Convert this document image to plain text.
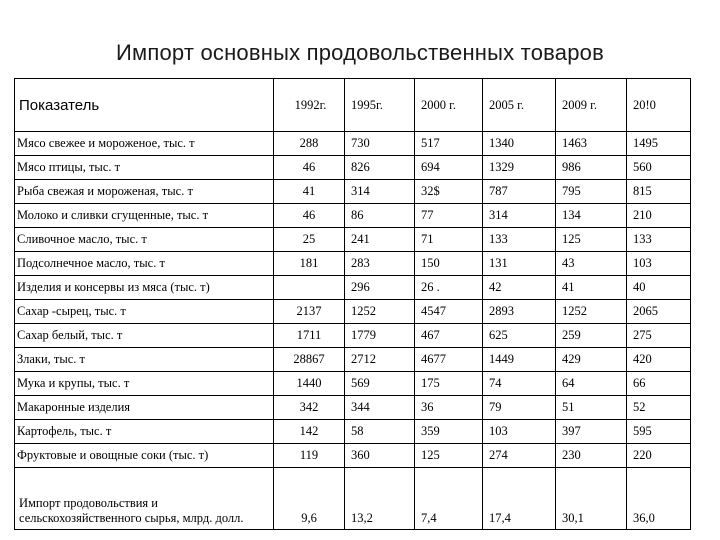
Импорт основных продовольственных товаров
Показатель	1992г.	1995г.	2000 г.	2005 г.	2009 г.	20!0
Мясо свежее и мороженое, тыс. т	288	730	517	1340	1463	1495
Мясо птицы, тыс. т	46	826	694	1329	986	560
Рыба свежая и мороженая, тыс. т	41	314	32$	787	795	815
Молоко и сливки сгущенные, тыс. т	46	86	77	314	134	210
Сливочное масло, тыс. т	25	241	71	133	125	133
Подсолнечное масло, тыс. т	181	283	150	131	43	103
Изделия и консервы из мяса (тыс. т)		296	26 .	42	41	40
Сахар -сырец, тыс. т	2137	1252	4547	2893	1252	2065
Сахар белый, тыс. т	1711	1779	467	625	259	275
Злаки, тыс. т	28867	2712	4677	1449	429	420
Мука и крупы, тыс. т	1440	569	175	74	64	66
Макаронные изделия	342	344	36	79	51	52
Картофель, тыс. т	142	58	359	103	397	595
Фруктовые и овощные соки (тыс. т)	119	360	125	274	230	220
Импорт продовольствия и сельскохозяйственного сырья, млрд. долл.	9,6	13,2	7,4	17,4	30,1	36,0
